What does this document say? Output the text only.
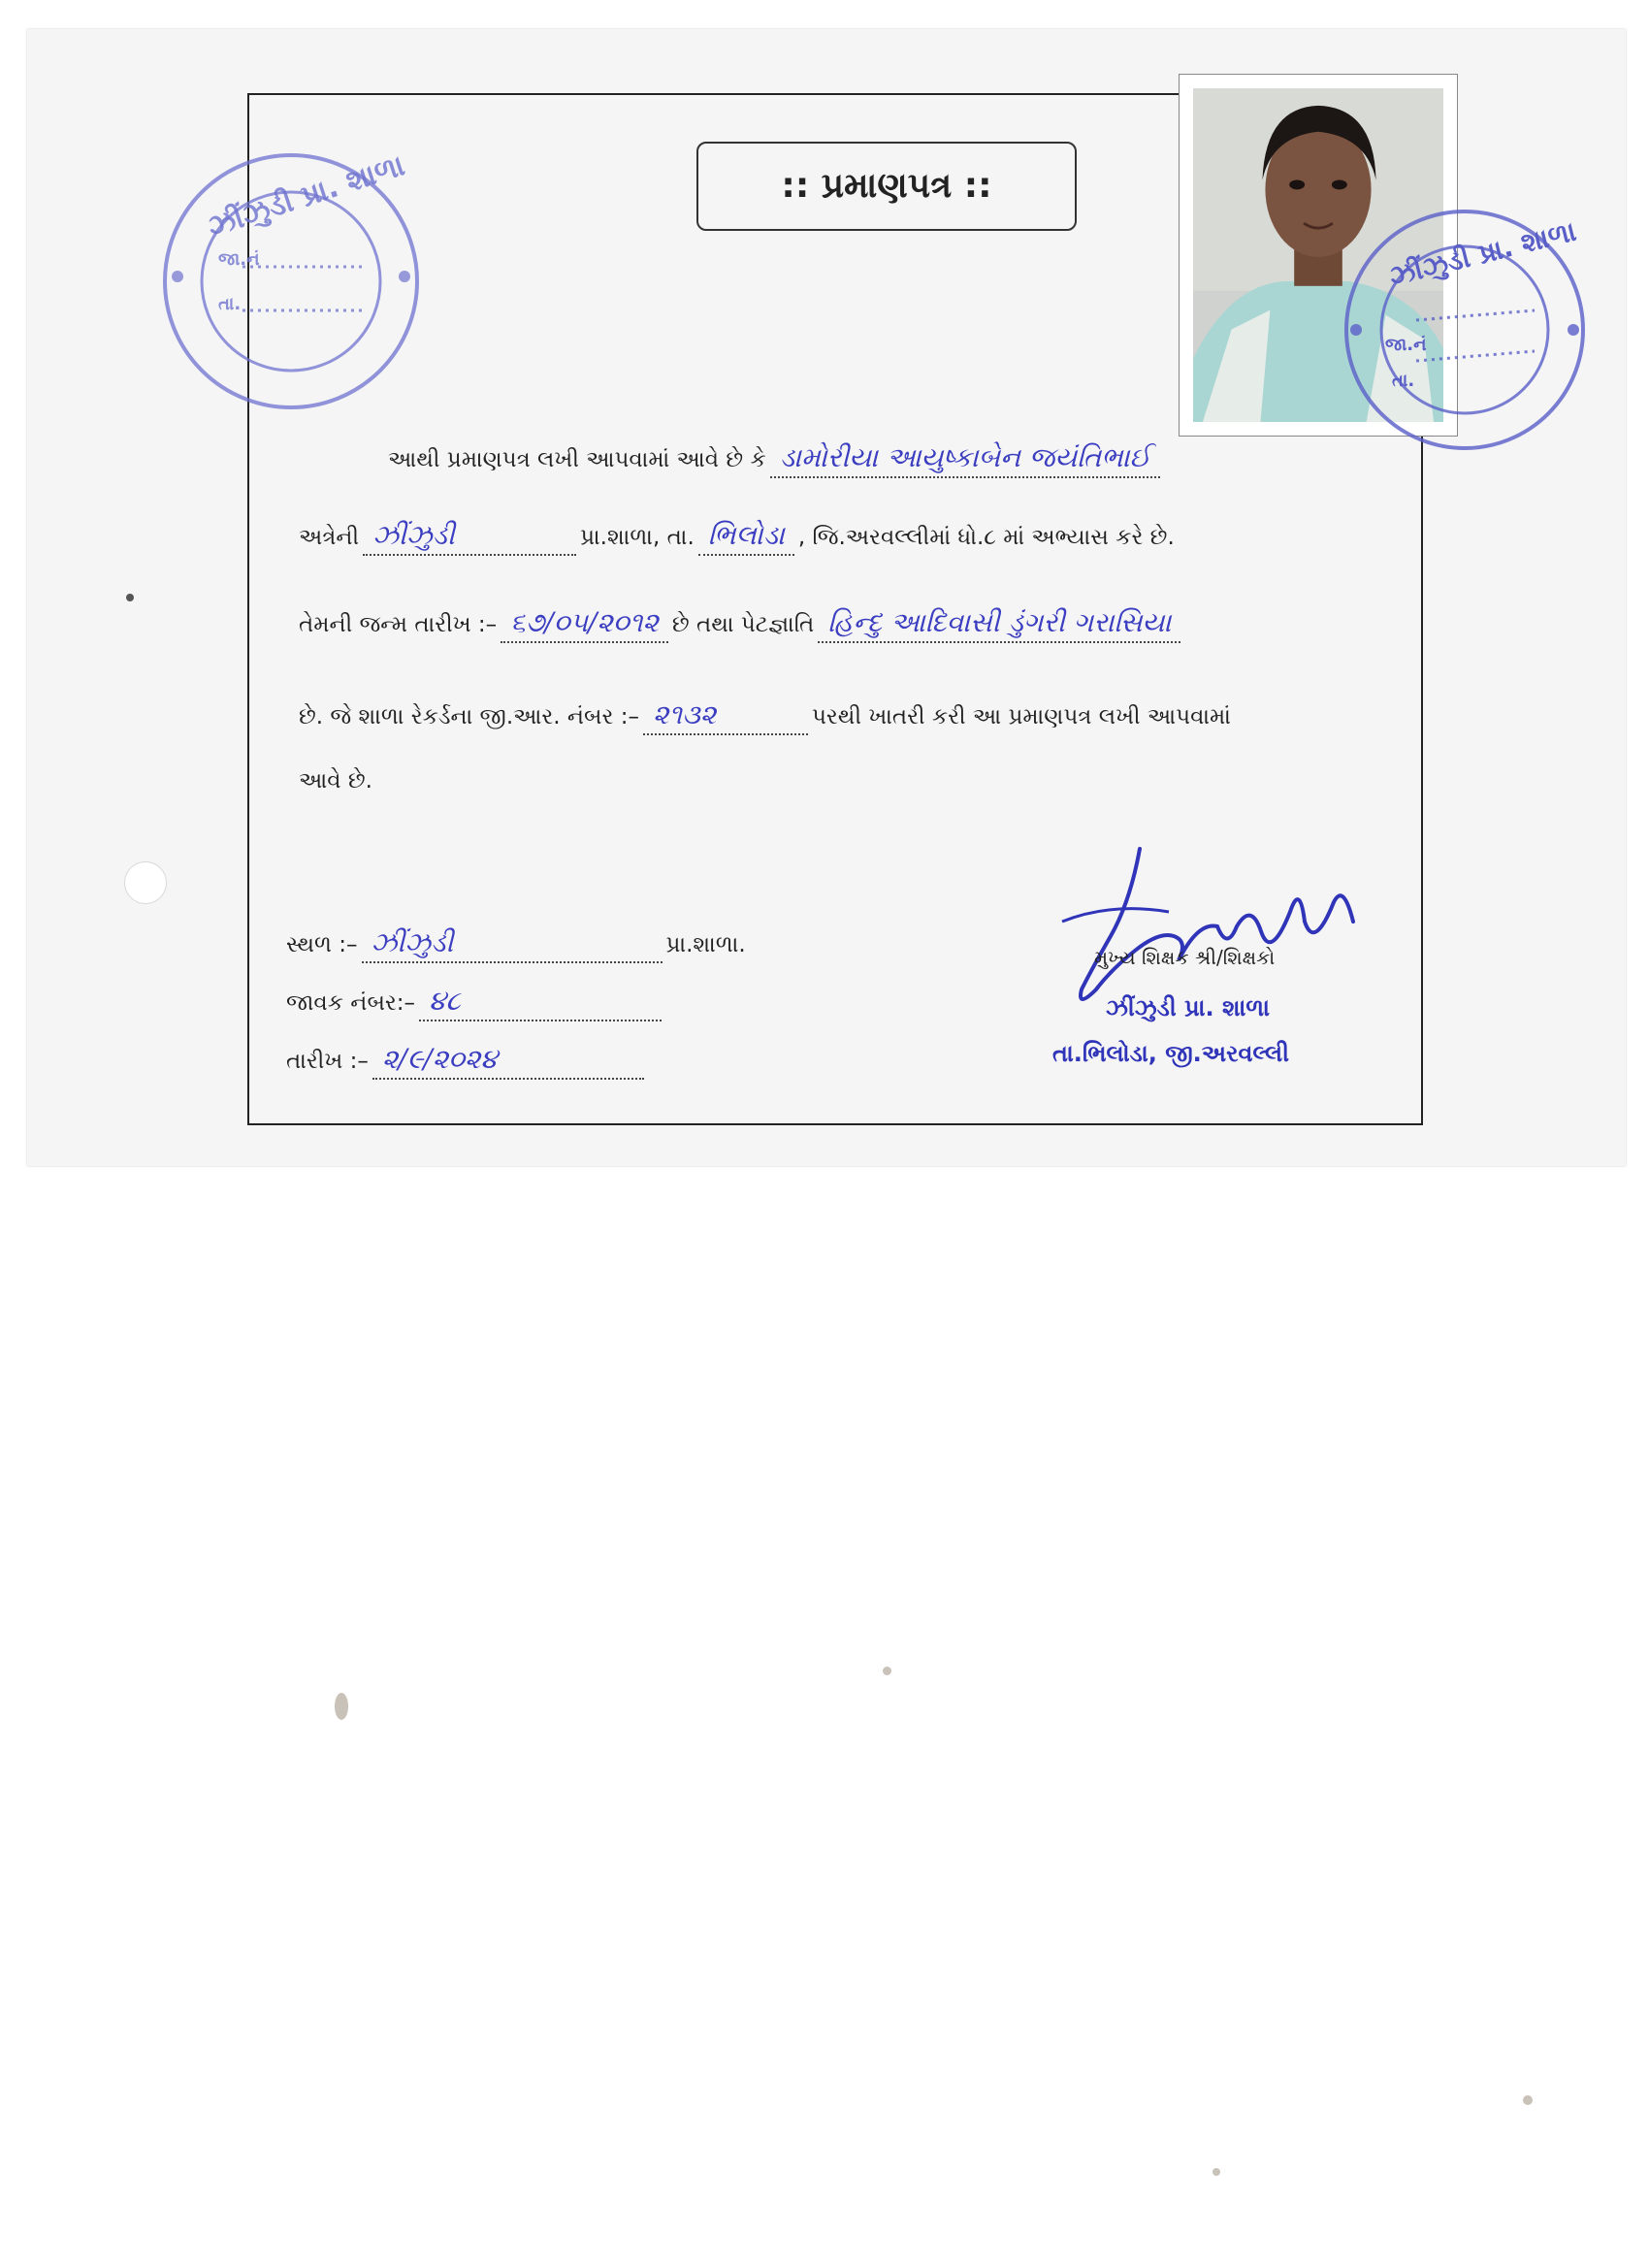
ઝીંઝુડી પ્રા. શાળા
જા.નં
તા.
:: પ્રમાણપત્ર ::
ઝીંઝુડી પ્રા. શાળા
જા.નં
તા.
આથી પ્રમાણપત્ર લખી આપવામાં આવે છે કે ડામોરીયા આયુષ્કાબેન જયંતિભાઈ
અત્રેની ઝીંઝુડી	પ્રા.શાળા, તા. ભિલોડા , જિ.અરવલ્લીમાં ધો.૮ માં અભ્યાસ કરે છે.
તેમની જન્મ તારીખ :– ૬૭/૦૫/૨૦૧૨ છે તથા પેટજ્ઞાતિ હિન્દુ આદિવાસી ડુંગરી ગરાસિયા
છે. જે શાળા રેકર્ડના જી.આર. નંબર :– ૨૧૩૨	પરથી ખાતરી કરી આ પ્રમાણપત્ર લખી આપવામાં
આવે છે.
સ્થળ :– ઝીંઝુડી	પ્રા.શાળા.
જાવક નંબર:– ૪૮
તારીખ :– ૨/૯/૨૦૨૪
મુખ્ય શિક્ષક શ્રી/શિક્ષકો
ઝીંઝુડી પ્રા. શાળા
તા.ભિલોડા, જી.અરવલ્લી
